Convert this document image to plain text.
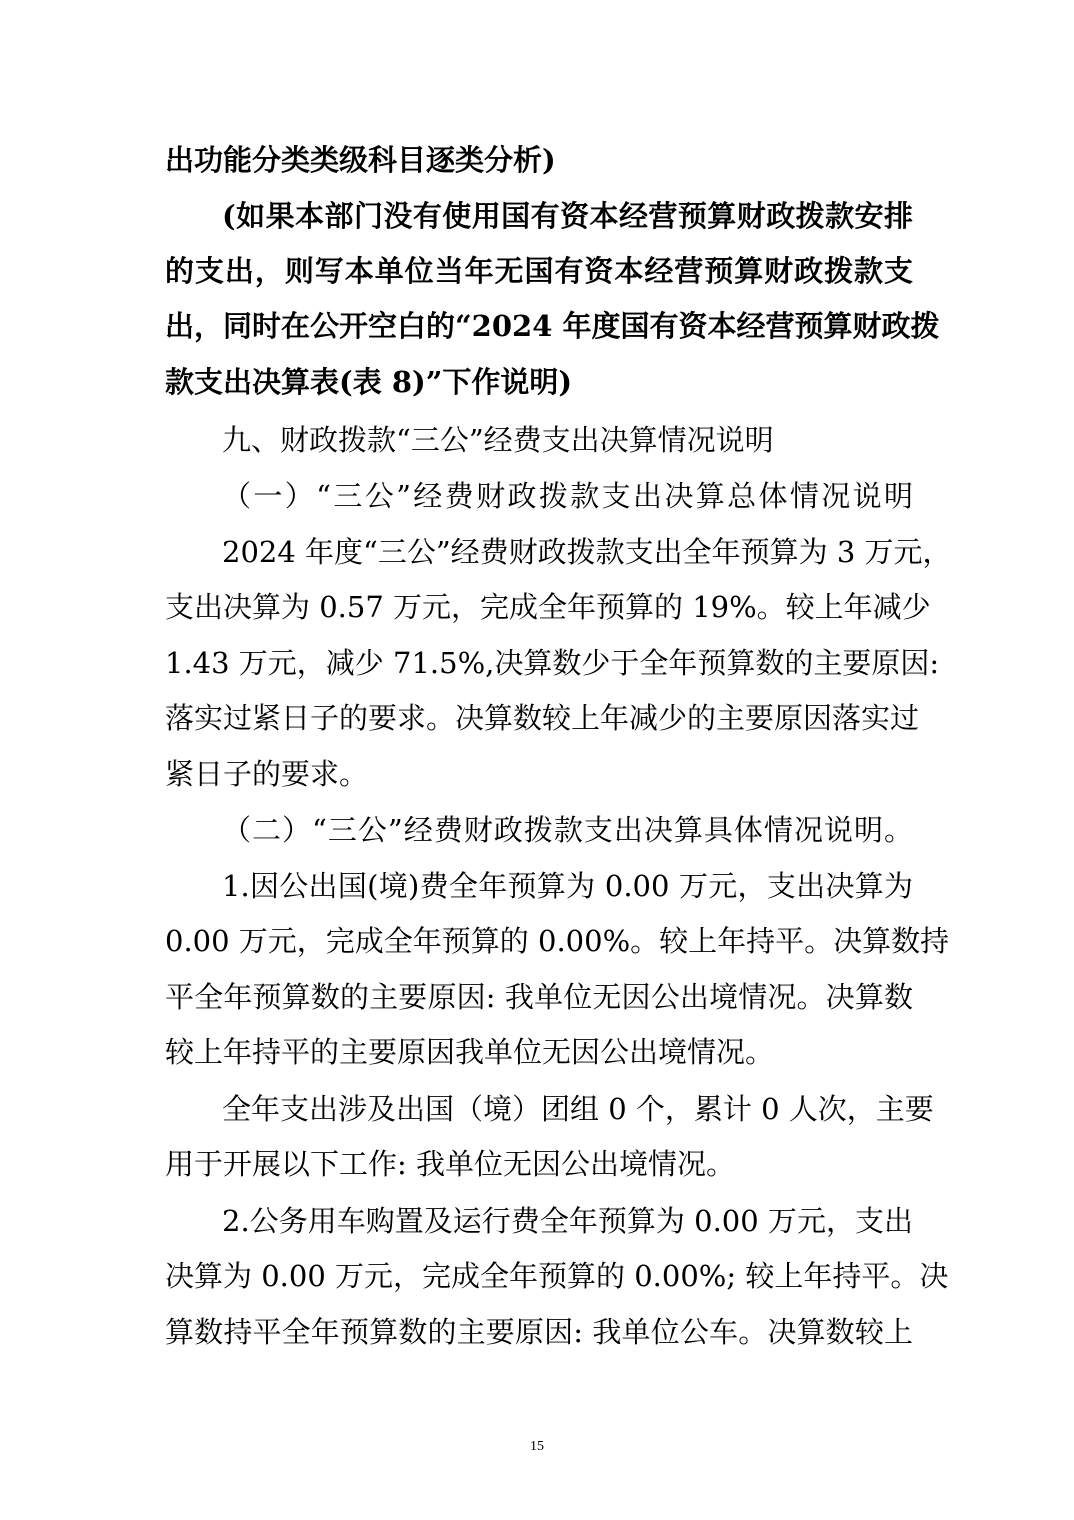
出功能分类类级科目逐类分析)
(如果本部门没有使用国有资本经营预算财政拨款安排
的支出，则写本单位当年无国有资本经营预算财政拨款支
出，同时在公开空白的“2024 年度国有资本经营预算财政拨
款支出决算表(表 8)”下作说明)
九、财政拨款“三公”经费支出决算情况说明
（一）“三公”经费财政拨款支出决算总体情况说明
2024 年度“三公”经费财政拨款支出全年预算为 3 万元，
支出决算为 0.57 万元，完成全年预算的 19%。较上年减少
1.43 万元，减少 71.5%,决算数少于全年预算数的主要原因:
落实过紧日子的要求。决算数较上年减少的主要原因落实过
紧日子的要求。
（二）“三公”经费财政拨款支出决算具体情况说明。
1.因公出国(境)费全年预算为 0.00 万元，支出决算为
0.00 万元，完成全年预算的 0.00%。较上年持平。决算数持
平全年预算数的主要原因: 我单位无因公出境情况。决算数
较上年持平的主要原因我单位无因公出境情况。
全年支出涉及出国（境）团组 0 个，累计 0 人次，主要
用于开展以下工作: 我单位无因公出境情况。
2.公务用车购置及运行费全年预算为 0.00 万元，支出
决算为 0.00 万元，完成全年预算的 0.00%; 较上年持平。决
算数持平全年预算数的主要原因: 我单位公车。决算数较上
15
